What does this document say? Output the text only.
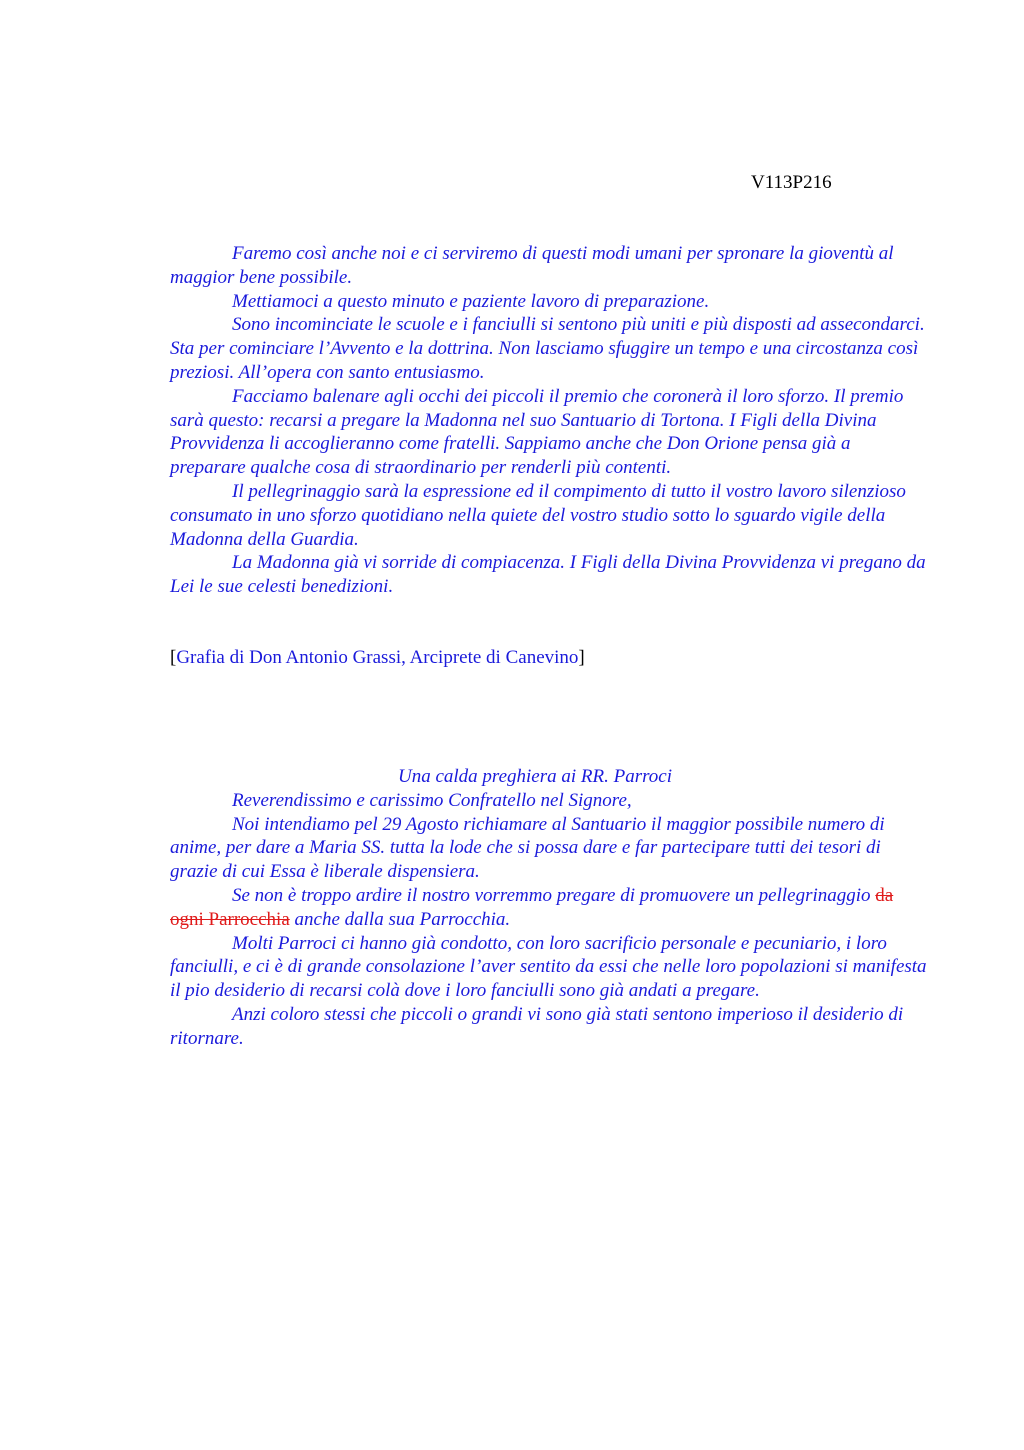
V113P216

Faremo così anche noi e ci serviremo di questi modi umani per spronare la gioventù al maggior bene possibile.

Mettiamoci a questo minuto e paziente lavoro di preparazione.

Sono incominciate le scuole e i fanciulli si sentono più uniti e più disposti ad assecondarci. Sta per cominciare l’Avvento e la dottrina. Non lasciamo sfuggire un tempo e una circostanza così preziosi. All’opera con santo entusiasmo.

Facciamo balenare agli occhi dei piccoli il premio che coronerà il loro sforzo. Il premio sarà questo: recarsi a pregare la Madonna nel suo Santuario di Tortona. I Figli della Divina Provvidenza li accoglieranno come fratelli. Sappiamo anche che Don Orione pensa già a preparare qualche cosa di straordinario per renderli più contenti.

Il pellegrinaggio sarà la espressione ed il compimento di tutto il vostro lavoro silenzioso consumato in uno sforzo quotidiano nella quiete del vostro studio sotto lo sguardo vigile della Madonna della Guardia.

La Madonna già vi sorride di compiacenza. I Figli della Divina Provvidenza vi pregano da Lei le sue celesti benedizioni.

[Grafia di Don Antonio Grassi, Arciprete di Canevino]

Una calda preghiera ai RR. Parroci

Reverendissimo e carissimo Confratello nel Signore,

Noi intendiamo pel 29 Agosto richiamare al Santuario il maggior possibile numero di anime, per dare a Maria SS. tutta la lode che si possa dare e far partecipare tutti dei tesori di grazie di cui Essa è liberale dispensiera.

Se non è troppo ardire il nostro vorremmo pregare di promuovere un pellegrinaggio da ogni Parrocchia anche dalla sua Parrocchia.

Molti Parroci ci hanno già condotto, con loro sacrificio personale e pecuniario, i loro fanciulli, e ci è di grande consolazione l’aver sentito da essi che nelle loro popolazioni si manifesta il pio desiderio di recarsi colà dove i loro fanciulli sono già andati a pregare.

Anzi coloro stessi che piccoli o grandi vi sono già stati sentono imperioso il desiderio di ritornare.
